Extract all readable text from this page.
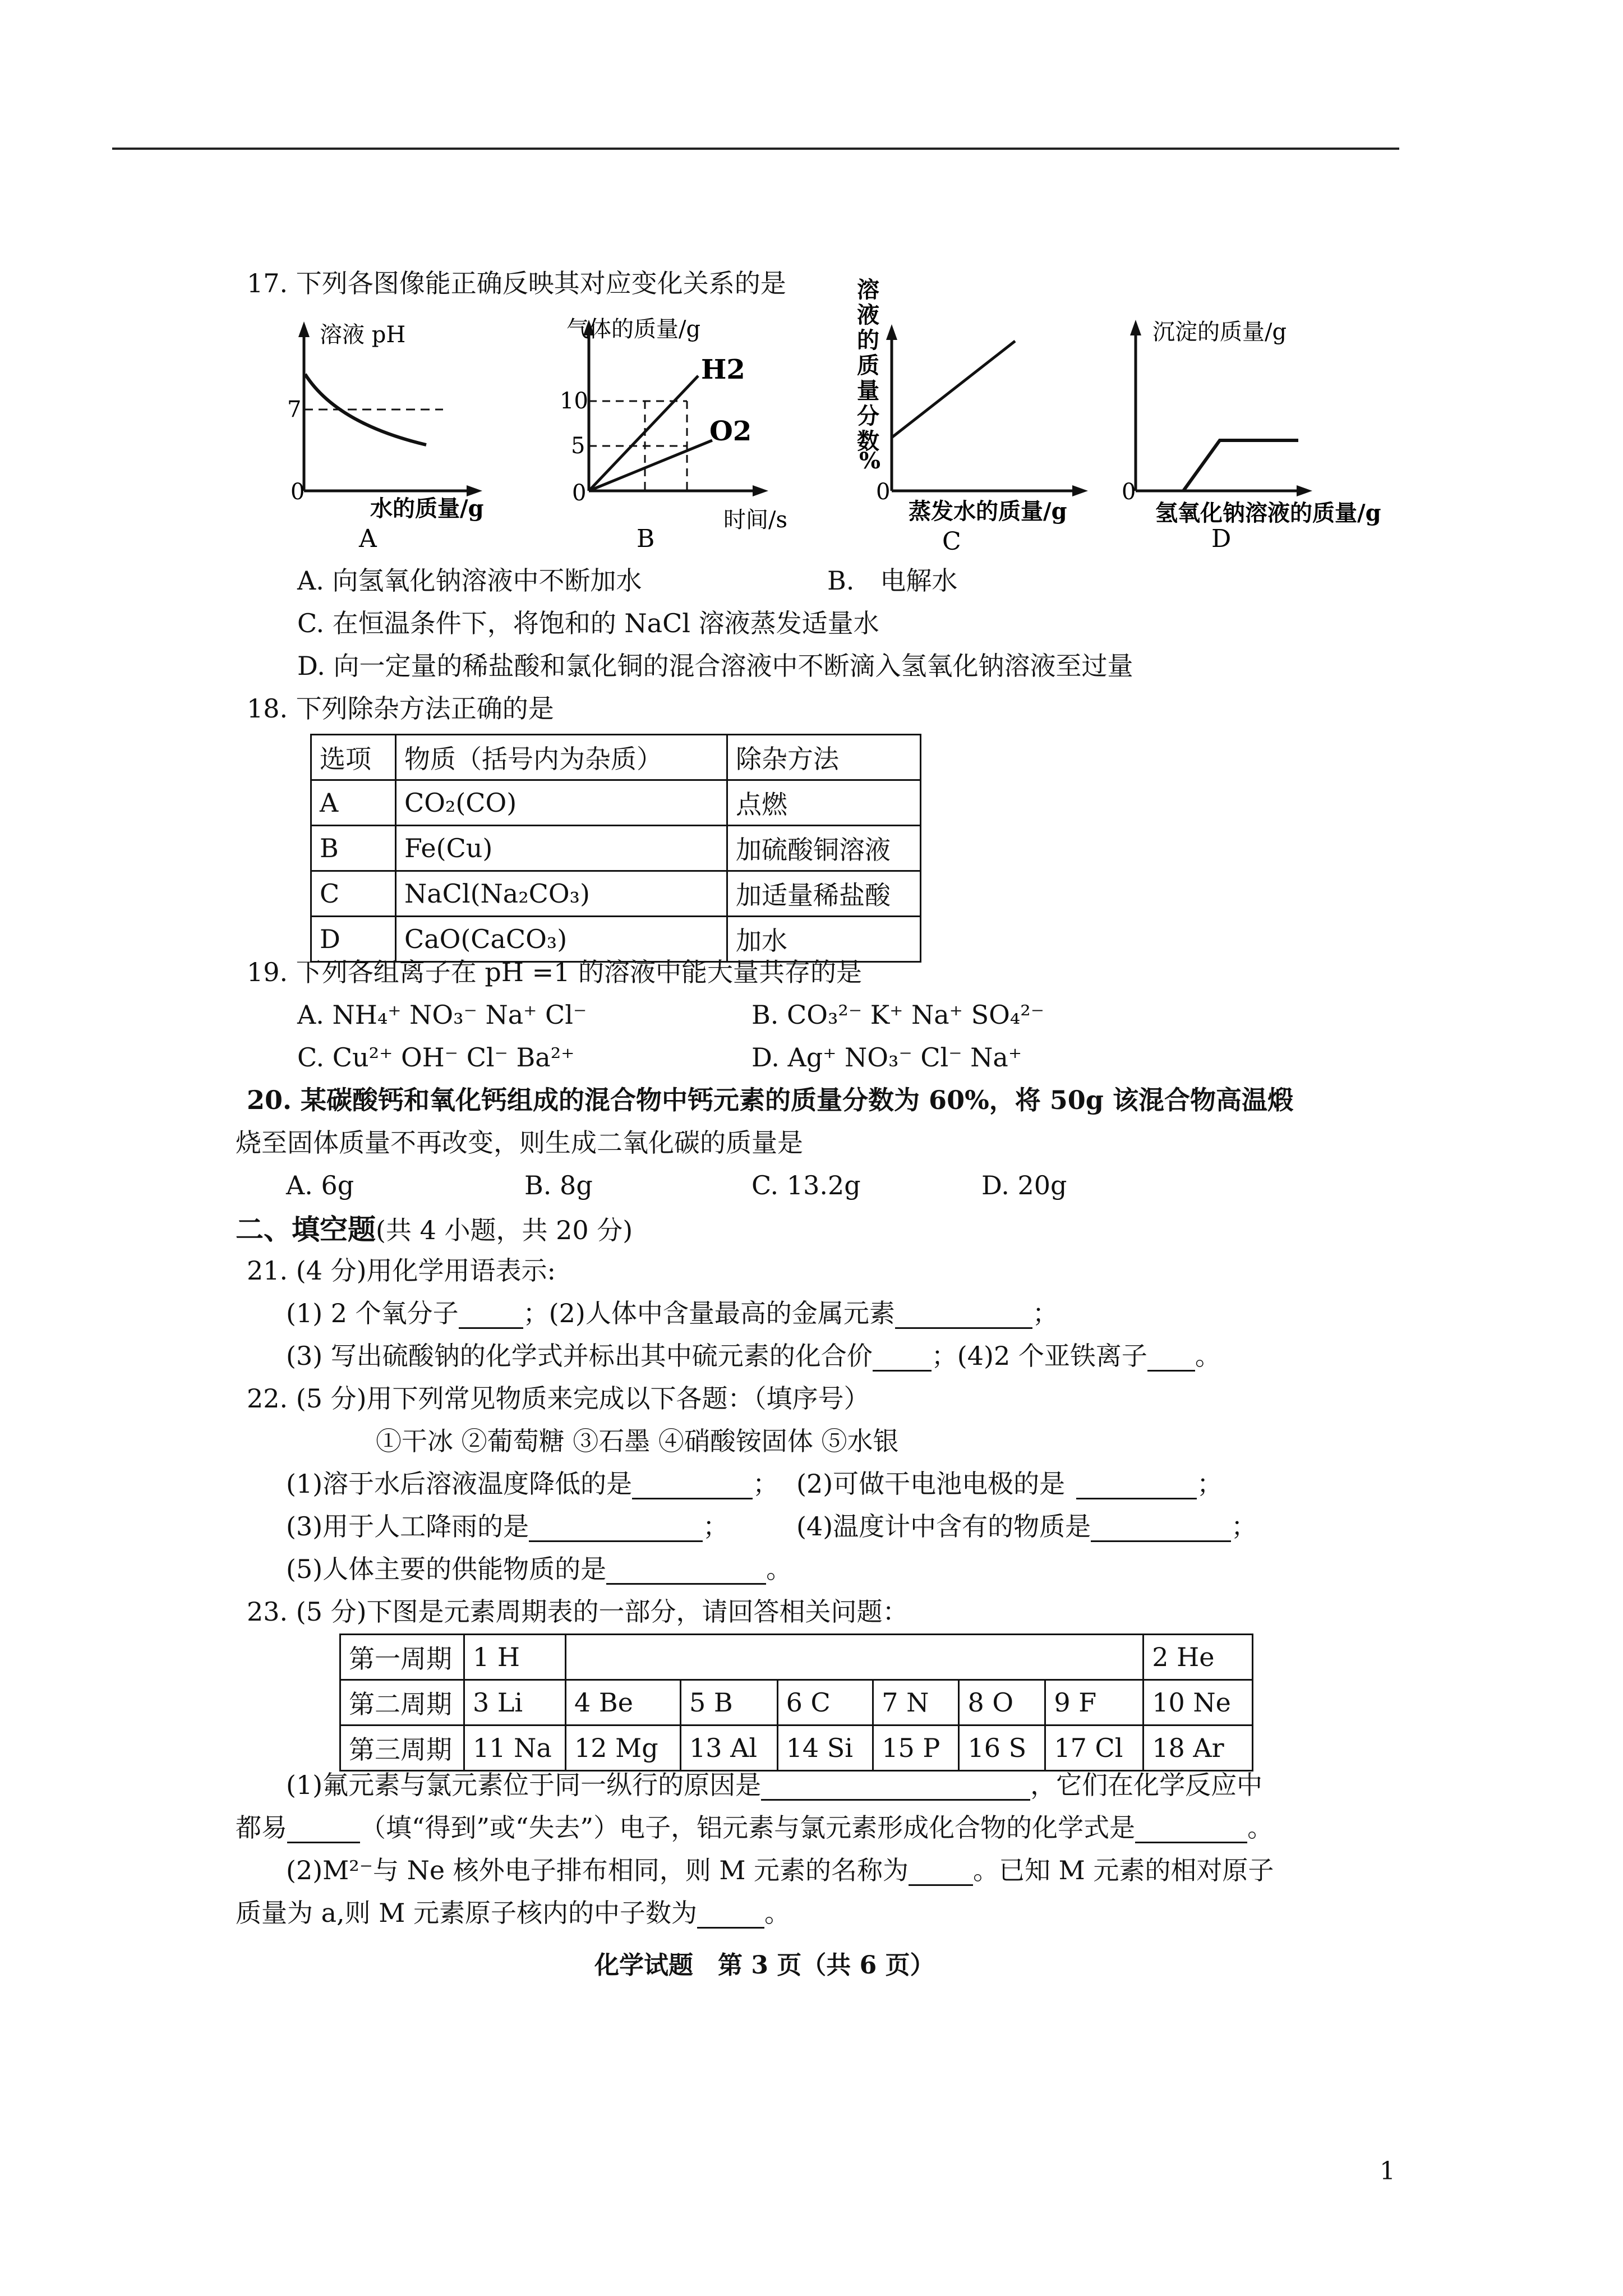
17. 下列各图像能正确反映其对应变化关系的是
溶液 pH
7
0
水的质量/g
A
气体的质量/g
H2
O2
10
5
0
时间/s
B
溶液的 质量分 数%
0
蒸发水的质量/g
C
沉淀的质量/g
0
氢氧化钠溶液的质量/g
D
A. 向氢氧化钠溶液中不断加水	B.　电解水
C. 在恒温条件下，将饱和的 NaCl 溶液蒸发适量水
D. 向一定量的稀盐酸和氯化铜的混合溶液中不断滴入氢氧化钠溶液至过量
18. 下列除杂方法正确的是
选项	物质（括号内为杂质）	除杂方法
A	CO₂(CO)	点燃
B	Fe(Cu)	加硫酸铜溶液
C	NaCl(Na₂CO₃)	加适量稀盐酸
D	CaO(CaCO₃)	加水
19. 下列各组离子在 pH =1 的溶液中能大量共存的是
A. NH₄⁺ NO₃⁻ Na⁺ Cl⁻	B. CO₃²⁻ K⁺ Na⁺ SO₄²⁻
C. Cu²⁺ OH⁻ Cl⁻ Ba²⁺	D. Ag⁺ NO₃⁻ Cl⁻ Na⁺
20. 某碳酸钙和氧化钙组成的混合物中钙元素的质量分数为 60%，将 50g 该混合物高温煅
烧至固体质量不再改变，则生成二氧化碳的质量是
A. 6g	B. 8g	C. 13.2g	D. 20g
二、填空题(共 4 小题，共 20 分)
21. (4 分)用化学用语表示:
(1) 2 个氧分子	；(2)人体中含量最高的金属元素	；
(3) 写出硫酸钠的化学式并标出其中硫元素的化合价 ；(4)2 个亚铁离子 。
22. (5 分)用下列常见物质来完成以下各题：（填序号）
①干冰 ②葡萄糖 ③石墨 ④硝酸铵固体 ⑤水银
(1)溶于水后溶液温度降低的是	； (2)可做干电池电极的是	；
(3)用于人工降雨的是	；	(4)温度计中含有的物质是	；
(5)人体主要的供能物质的是	。
23. (5 分)下图是元素周期表的一部分，请回答相关问题：
第一周期	1 H							2 He
第二周期	3 Li	4 Be	5 B	6 C	7 N	8 O	9 F	10 Ne
第三周期	11 Na	12 Mg	13 Al	14 Si	15 P	16 S	17 Cl	18 Ar
(1)氟元素与氯元素位于同一纵行的原因是	，它们在化学反应中
都易	（填“得到”或“失去”）电子，铝元素与氯元素形成化合物的化学式是	。
(2)M²⁻与 Ne 核外电子排布相同，则 M 元素的名称为	。已知 M 元素的相对原子
质量为 a,则 M 元素原子核内的中子数为	。
化学试题　第 3 页（共 6 页）
1
